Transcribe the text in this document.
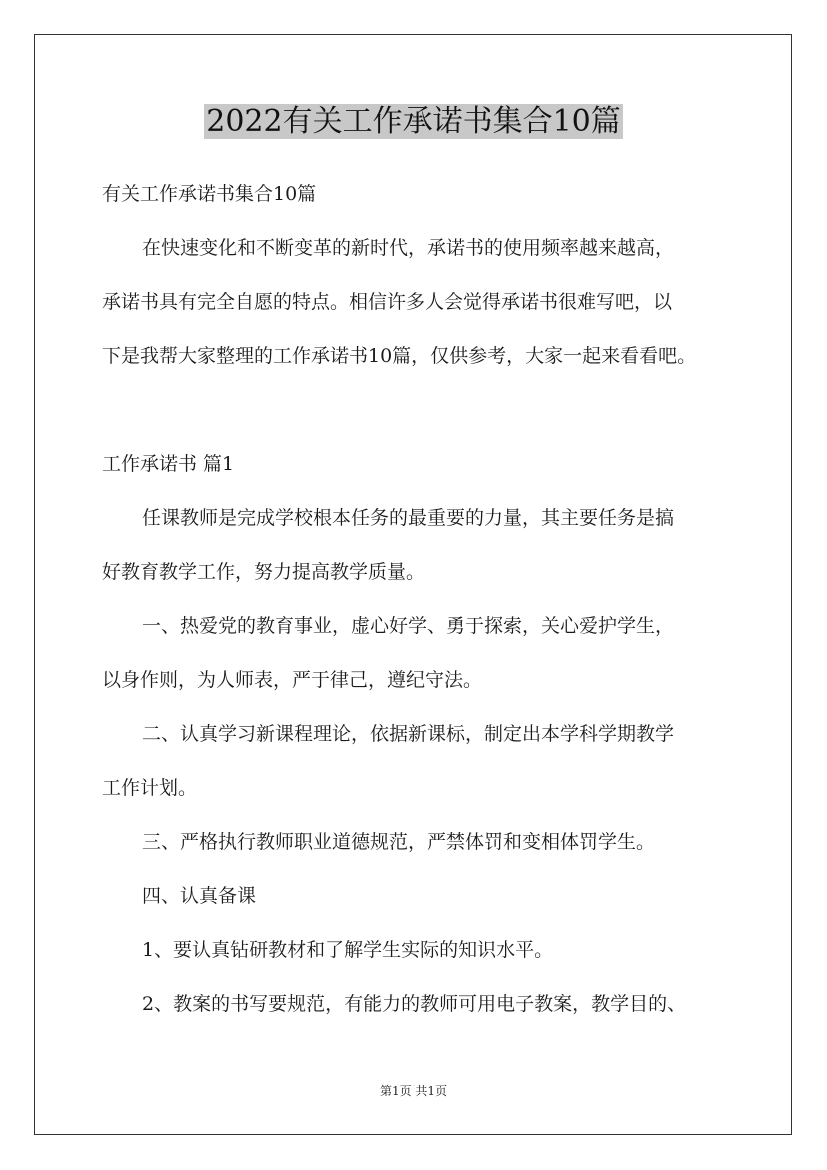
2022有关工作承诺书集合10篇
有关工作承诺书集合10篇
在快速变化和不断变革的新时代，承诺书的使用频率越来越高，
承诺书具有完全自愿的特点。相信许多人会觉得承诺书很难写吧，以
下是我帮大家整理的工作承诺书10篇，仅供参考，大家一起来看看吧。
工作承诺书 篇1
任课教师是完成学校根本任务的最重要的力量，其主要任务是搞
好教育教学工作，努力提高教学质量。
一、热爱党的教育事业，虚心好学、勇于探索，关心爱护学生，
以身作则，为人师表，严于律己，遵纪守法。
二、认真学习新课程理论，依据新课标，制定出本学科学期教学
工作计划。
三、严格执行教师职业道德规范，严禁体罚和变相体罚学生。
四、认真备课
1、要认真钻研教材和了解学生实际的知识水平。
2、教案的书写要规范，有能力的教师可用电子教案，教学目的、
第1页 共1页
